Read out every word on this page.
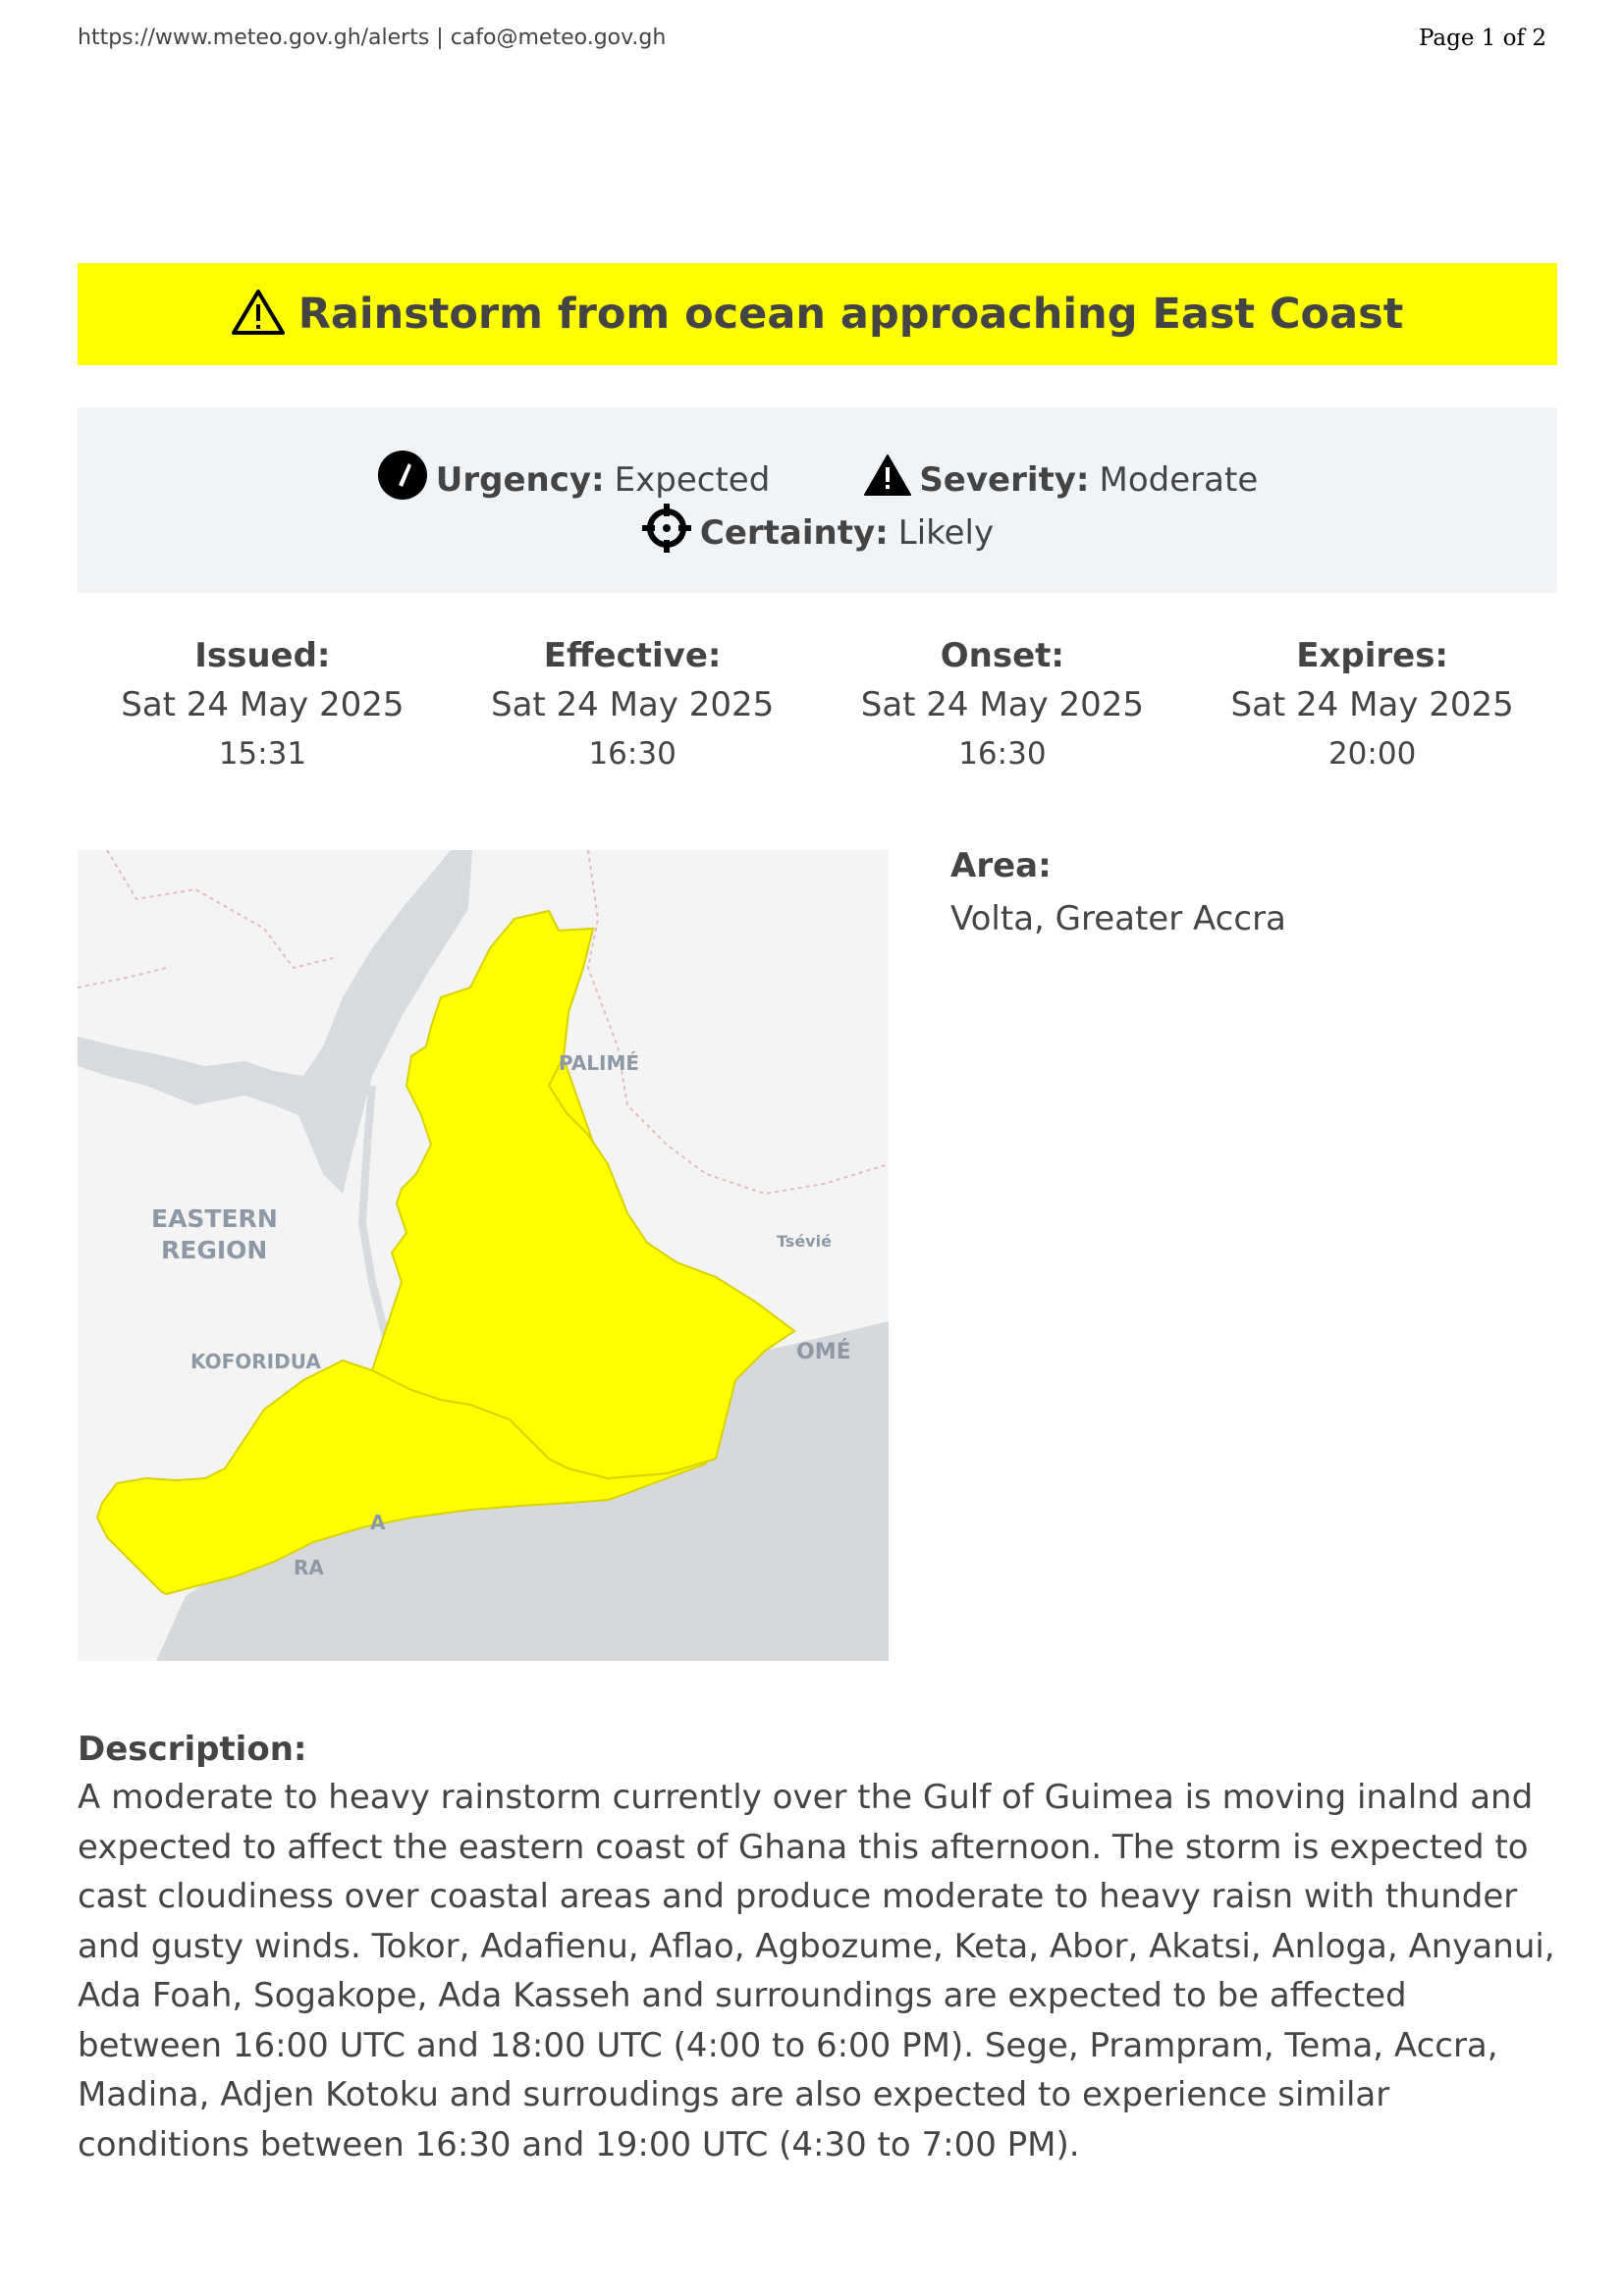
https://www.meteo.gov.gh/alerts | cafo@meteo.gov.gh	Page 1 of 2
Rainstorm from ocean approaching East Coast
Urgency: Expected	Severity: Moderate
Certainty: Likely
Issued:
Sat 24 May 2025
15:31
Effective:
Sat 24 May 2025
16:30
Onset:
Sat 24 May 2025
16:30
Expires:
Sat 24 May 2025
20:00
PALIMÉ
EASTERN
REGION	Tsévié
KOFORIDUA	OMÉ
A
RA
Area:
Volta, Greater Accra
Description:
A moderate to heavy rainstorm currently over the Gulf of Guimea is moving inalnd and expected to affect the eastern coast of Ghana this afternoon. The storm is expected to cast cloudiness over coastal areas and produce moderate to heavy raisn with thunder and gusty winds. Tokor, Adafienu, Aflao, Agbozume, Keta, Abor, Akatsi, Anloga, Anyanui, Ada Foah, Sogakope, Ada Kasseh and surroundings are expected to be affected between 16:00 UTC and 18:00 UTC (4:00 to 6:00 PM). Sege, Prampram, Tema, Accra, Madina, Adjen Kotoku and surroudings are also expected to experience similar conditions between 16:30 and 19:00 UTC (4:30 to 7:00 PM).
